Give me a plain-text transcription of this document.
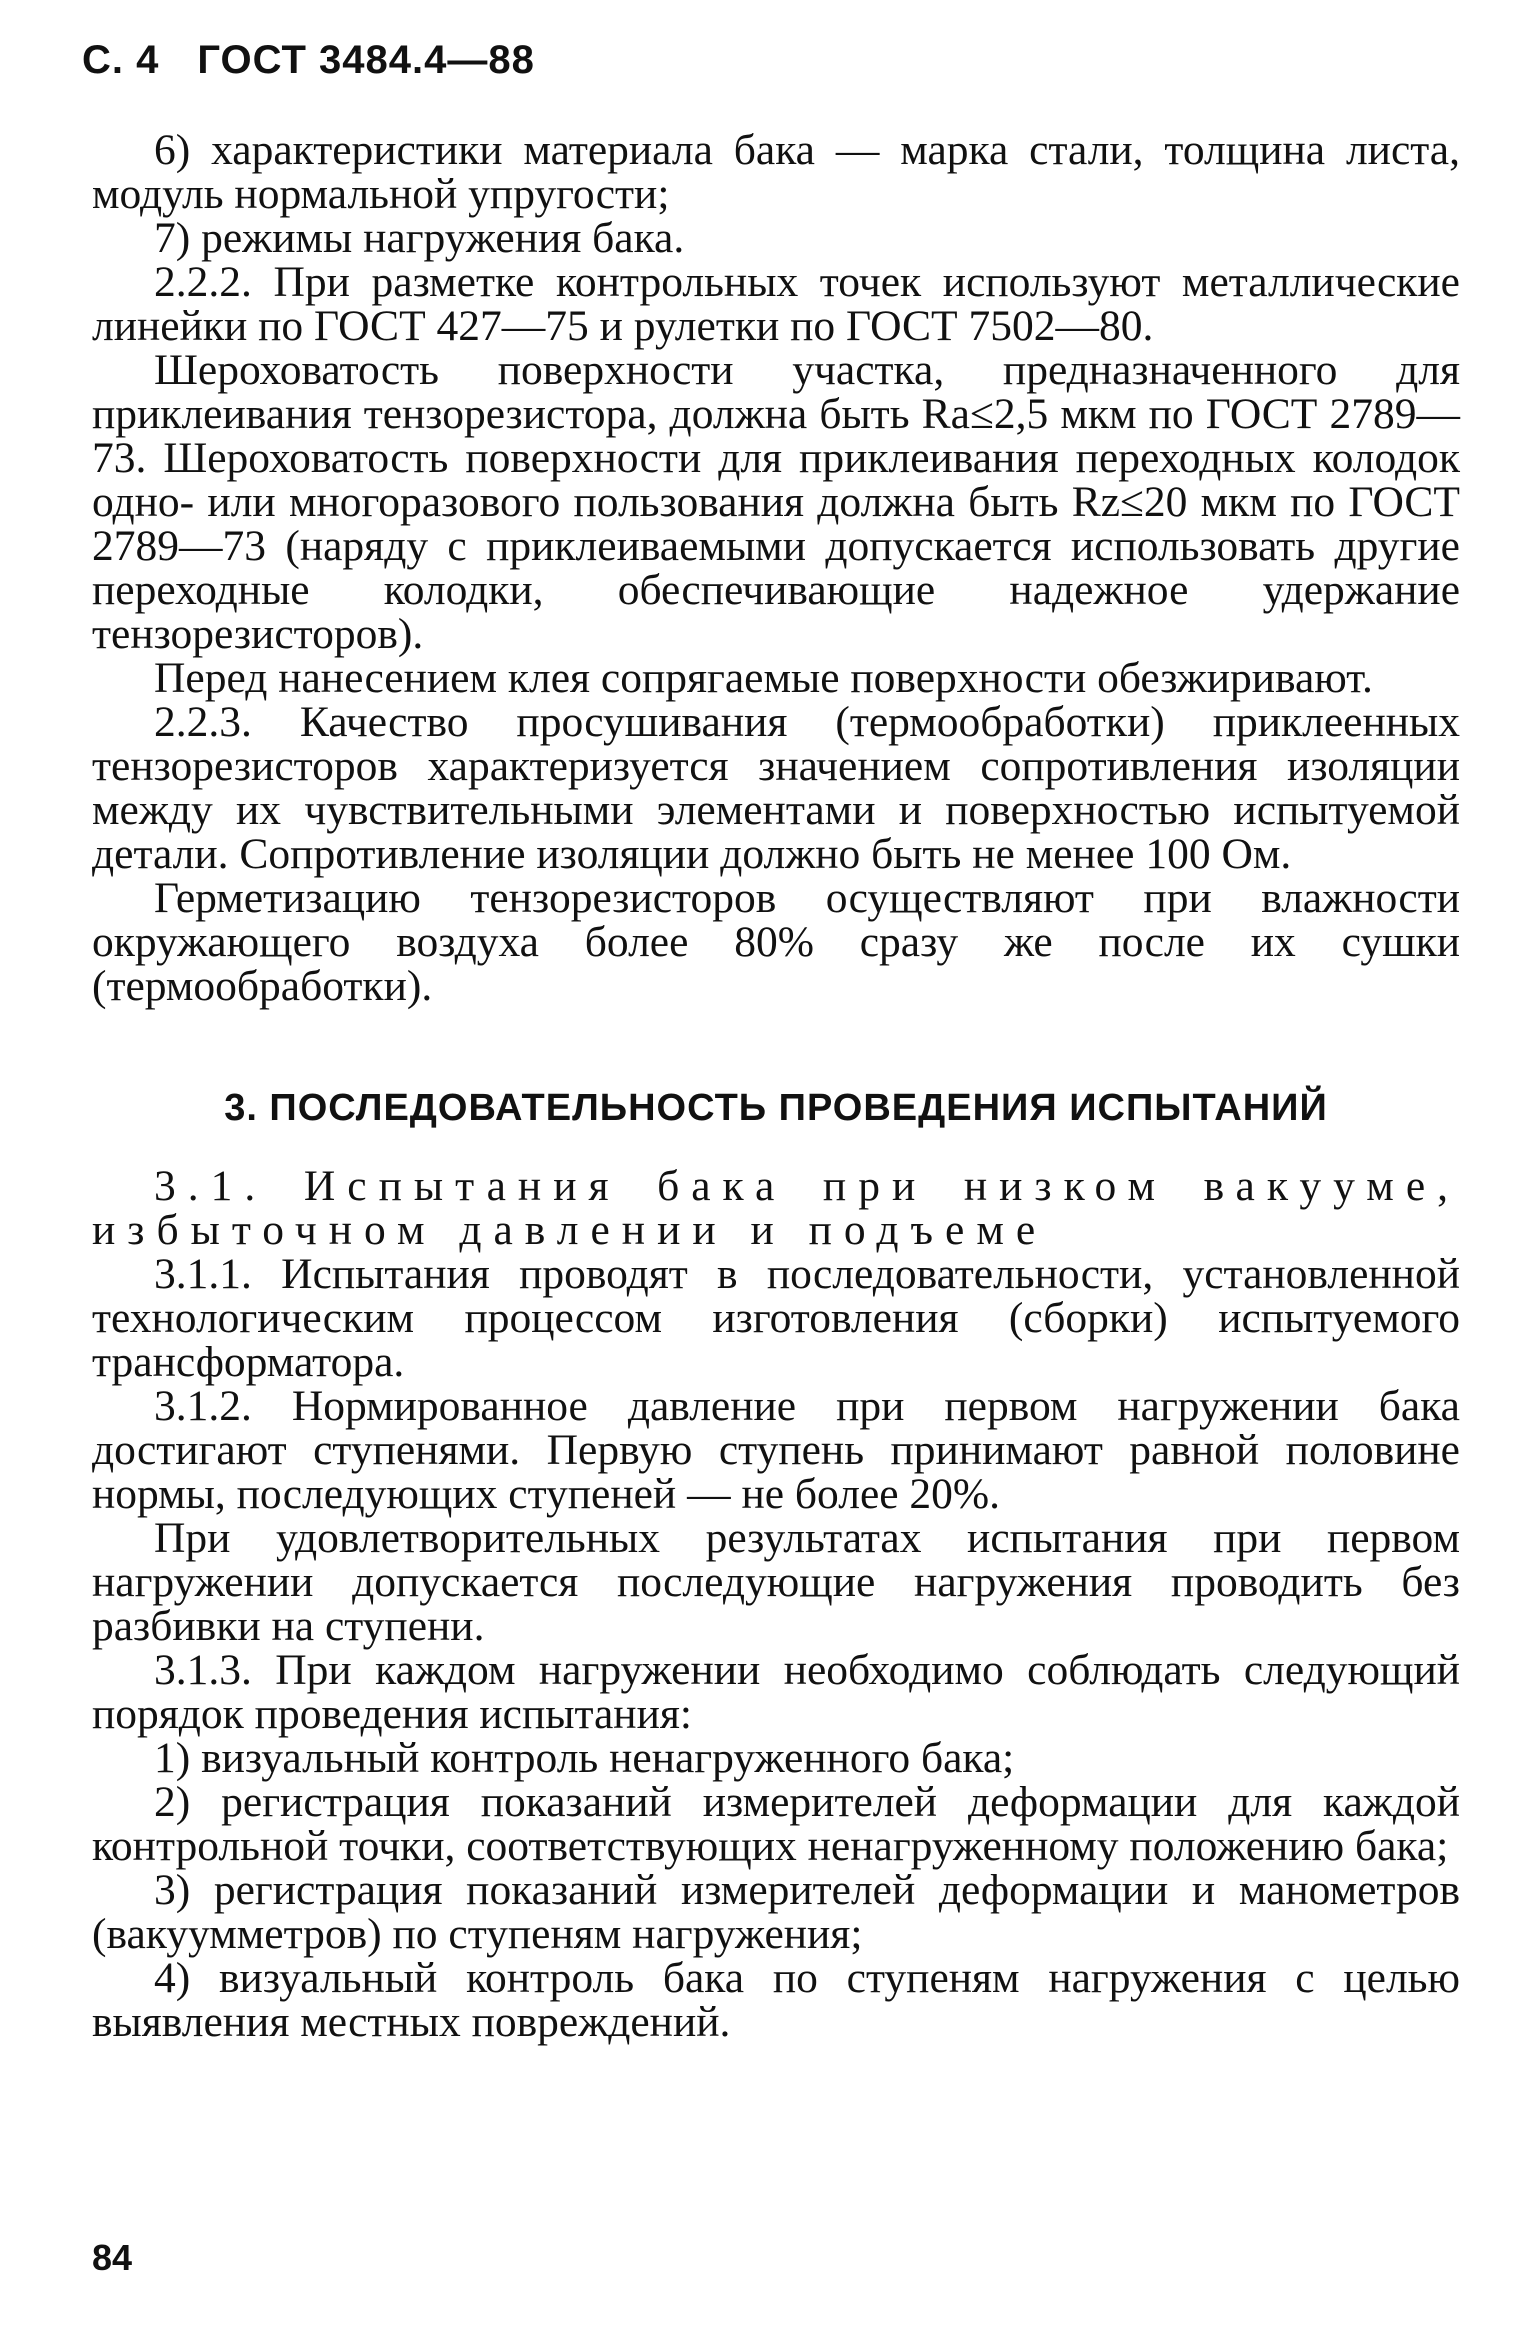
С. 4 ГОСТ 3484.4—88

6) характеристики материала бака — марка стали, толщина листа, модуль нормальной упругости;

7) режимы нагружения бака.

2.2.2. При разметке контрольных точек используют металлические линейки по ГОСТ 427—75 и рулетки по ГОСТ 7502—80.

Шероховатость поверхности участка, предназначенного для приклеивания тензорезистора, должна быть Ra≤2,5 мкм по ГОСТ 2789—73. Шероховатость поверхности для приклеивания переходных колодок одно- или многоразового пользования должна быть Rz≤20 мкм по ГОСТ 2789—73 (наряду с приклеиваемыми допускается использовать другие переходные колодки, обеспечивающие надежное удержание тензорезисторов).

Перед нанесением клея сопрягаемые поверхности обезжиривают.

2.2.3. Качество просушивания (термообработки) приклеенных тензорезисторов характеризуется значением сопротивления изоляции между их чувствительными элементами и поверхностью испытуемой детали. Сопротивление изоляции должно быть не менее 100 Ом.

Герметизацию тензорезисторов осуществляют при влажности окружающего воздуха более 80% сразу же после их сушки (термообработки).

3. ПОСЛЕДОВАТЕЛЬНОСТЬ ПРОВЕДЕНИЯ ИСПЫТАНИЙ

3.1. Испытания бака при низком вакууме, избыточном давлении и подъеме

3.1.1. Испытания проводят в последовательности, установленной технологическим процессом изготовления (сборки) испытуемого трансформатора.

3.1.2. Нормированное давление при первом нагружении бака достигают ступенями. Первую ступень принимают равной половине нормы, последующих ступеней — не более 20%.

При удовлетворительных результатах испытания при первом нагружении допускается последующие нагружения проводить без разбивки на ступени.

3.1.3. При каждом нагружении необходимо соблюдать следующий порядок проведения испытания:

1) визуальный контроль ненагруженного бака;

2) регистрация показаний измерителей деформации для каждой контрольной точки, соответствующих ненагруженному положению бака;

3) регистрация показаний измерителей деформации и манометров (вакуумметров) по ступеням нагружения;

4) визуальный контроль бака по ступеням нагружения с целью выявления местных повреждений.

84
